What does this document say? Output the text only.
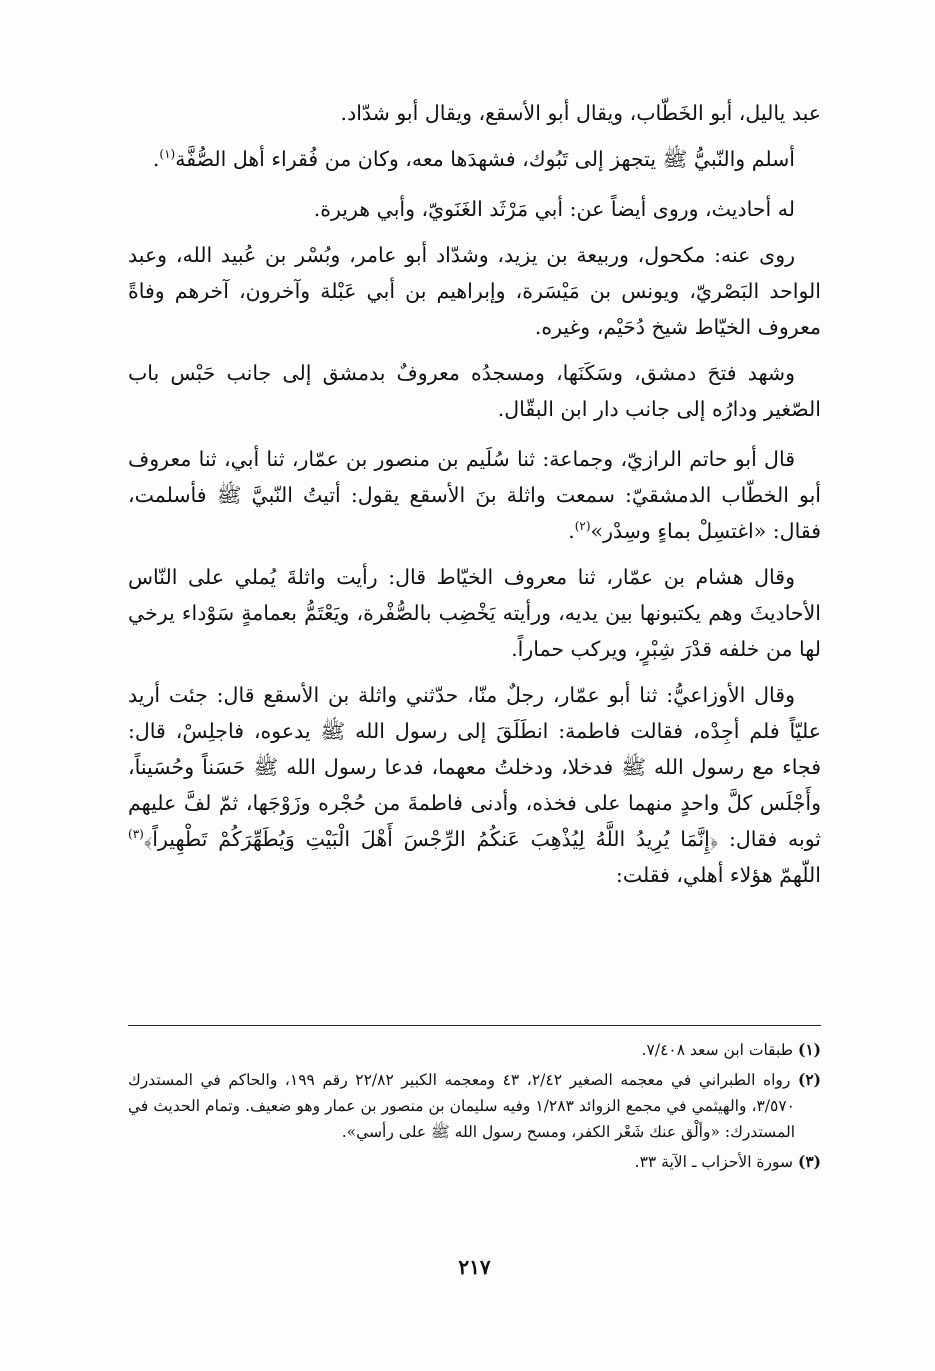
عبد ياليل، أبو الخَطّاب، ويقال أبو الأسقع، ويقال أبو شدّاد.

أسلم والنّبيُّ ﷺ يتجهز إلى تَبُوك، فشهدَها معه، وكان من فُقراء أهل الصُّفَّة$^{(١)}$.

له أحاديث، وروى أيضاً عن: أبي مَرْثَد الغَنَويّ، وأبي هريرة.

روى عنه: مكحول، وربيعة بن يزيد، وشدّاد أبو عامر، وبُسْر بن عُبيد الله، وعبد الواحد البَصْريّ، ويونس بن مَيْسَرة، وإبراهيم بن أبي عَبْلة وآخرون، آخرهم وفاةً معروف الخيّاط شيخ دُحَيْم، وغيره.

وشهد فتحَ دمشق، وسَكَنَها، ومسجدُه معروفٌ بدمشق إلى جانب حَبْس باب الصّغير ودارُه إلى جانب دار ابن البقّال.

قال أبو حاتم الرازيّ، وجماعة: ثنا سُلَيم بن منصور بن عمّار، ثنا أبي، ثنا معروف أبو الخطّاب الدمشقيّ: سمعت واثلة بنَ الأسقع يقول: أتيتُ النّبيَّ ﷺ فأسلمت، فقال: «اغتسِلْ بماءٍ وسِدْر»$^{(٢)}$.

وقال هشام بن عمّار، ثنا معروف الخيّاط قال: رأيت واثلةَ يُملي على النّاس الأحاديثَ وهم يكتبونها بين يديه، ورأيته يَخْضِب بالصُّفْرة، ويَعْتَمُّ بعمامةٍ سَوْداء يرخي لها من خلفه قدْرَ شِبْرٍ، ويركب حماراً.

وقال الأوزاعيُّ: ثنا أبو عمّار، رجلٌ منّا، حدّثني واثلة بن الأسقع قال: جئت أريد عليّاً فلم أجِدْه، فقالت فاطمة: انطَلَقَ إلى رسول الله ﷺ يدعوه، فاجلِسْ، قال: فجاء مع رسول الله ﷺ فدخلا، ودخلتُ معهما، فدعا رسول الله ﷺ حَسَناً وحُسَيناً، وأَجْلَس كلَّ واحدٍ منهما على فخذه، وأدنى فاطمةَ من حُجْره وزَوْجَها، ثمّ لفَّ عليهم ثوبه فقال: ﴿إِنَّمَا يُرِيدُ اللَّهُ لِيُذْهِبَ عَنكُمُ الرِّجْسَ أَهْلَ الْبَيْتِ وَيُطَهِّرَكُمْ تَطْهِيراً﴾$^{(٣)}$ اللّهمّ هؤلاء أهلي، فقلت:

(١) طبقات ابن سعد ٧/٤٠٨.

(٢) رواه الطبراني في معجمه الصغير ٢/٤٢، ٤٣ ومعجمه الكبير ٢٢/٨٢ رقم ١٩٩، والحاكم في المستدرك ٣/٥٧٠، والهيثمي في مجمع الزوائد ١/٢٨٣ وفيه سليمان بن منصور بن عمار وهو ضعيف. وتمام الحديث في المستدرك: «وألْق عنك شَعْر الكفر، ومسح رسول الله ﷺ على رأسي».

(٣) سورة الأحزاب ـ الآية ٣٣.

٢١٧
